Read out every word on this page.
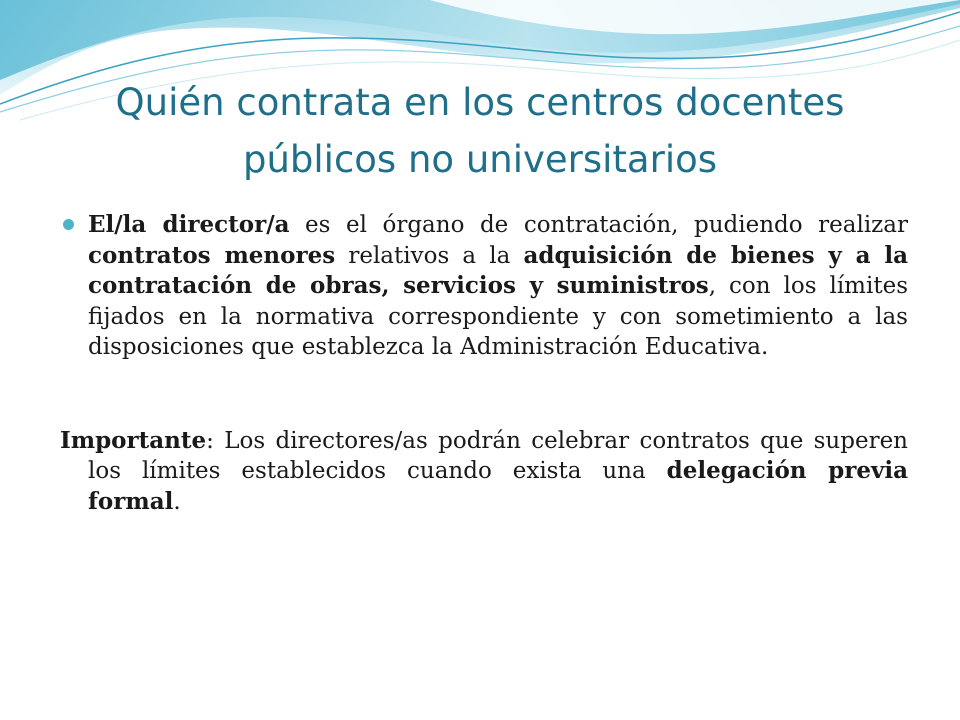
Quién contrata en los centros docentes públicos no universitarios

El/la director/a es el órgano de contratación, pudiendo realizar contratos menores relativos a la adquisición de bienes y a la contratación de obras, servicios y suministros, con los límites fijados en la normativa correspondiente y con sometimiento a las disposiciones que establezca la Administración Educativa.

Importante: Los directores/as podrán celebrar contratos que superen los límites establecidos cuando exista una delegación previa formal.
